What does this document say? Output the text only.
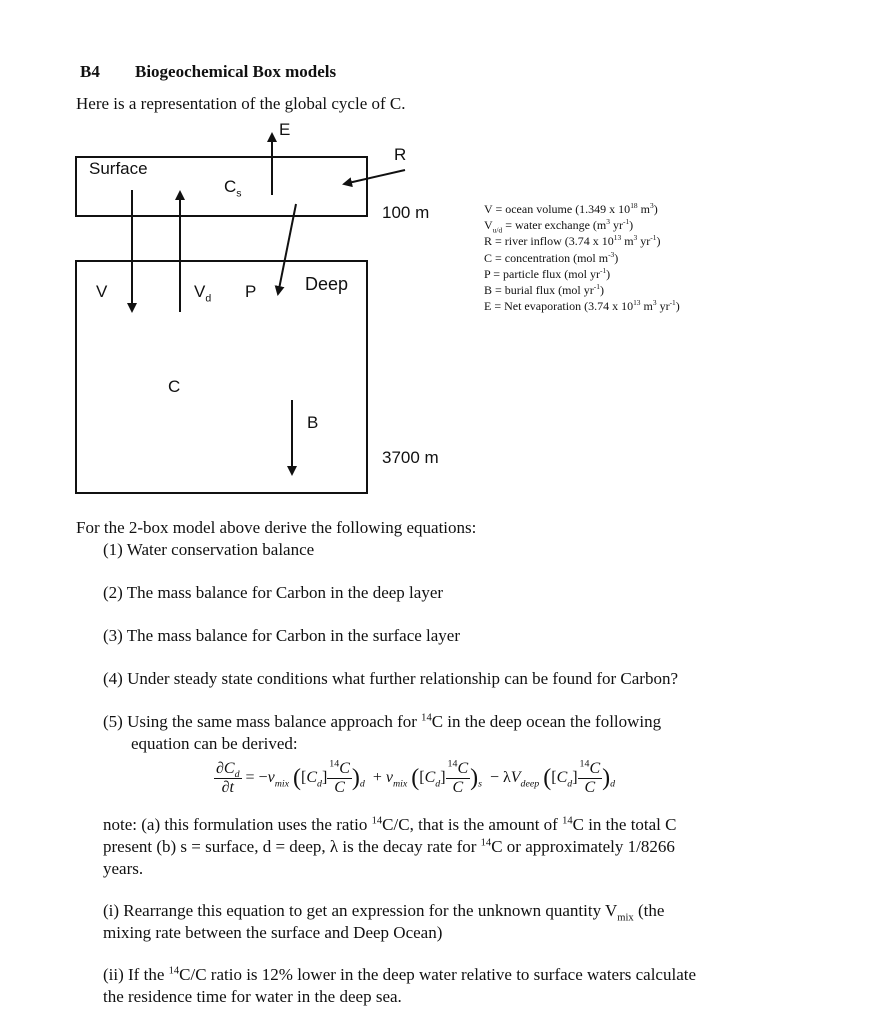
B4 Biogeochemical Box models
Here is a representation of the global cycle of C.
Surface
$C_s$
E
R
100 m
V	$V_d$ P	Deep
C
B
3700 m
V = ocean volume (1.349 x $10^{18}$ $m^3$)
$V_{u/d}$ = water exchange ($m^3$ $yr^{-1}$)
R = river inflow (3.74 x $10^{13}$ $m^3$ $yr^{-1}$)
C = concentration (mol $m^{-3}$)
P = particle flux (mol $yr^{-1}$)
B = burial flux (mol $yr^{-1}$)
E = Net evaporation (3.74 x $10^{13}$ $m^3$ $yr^{-1}$)
For the 2-box model above derive the following equations:
(1) Water conservation balance
(2) The mass balance for Carbon in the deep layer
(3) The mass balance for Carbon in the surface layer
(4) Under steady state conditions what further relationship can be found for Carbon?
(5) Using the same mass balance approach for $^{14}$C in the deep ocean the following
equation can be derived:
$\frac{\partial C_d}{\partial t} = -v_{mix}$ $([C_d] \frac{^{14}C}{C} )_d + v_{mix}$ $([C_d] \frac{^{14}C}{C} )_s - \lambda V_{deep}$ $([C_d] \frac{^{14}C}{C} )_d$
note: (a) this formulation uses the ratio $^{14}$C/C, that is the amount of $^{14}$C in the total C
present (b) s = surface, d = deep, λ is the decay rate for $^{14}$C or approximately 1/8266
years.
(i) Rearrange this equation to get an expression for the unknown quantity $V_{mix}$ (the
mixing rate between the surface and Deep Ocean)
(ii) If the $^{14}$C/C ratio is 12% lower in the deep water relative to surface waters calculate
the residence time for water in the deep sea.
